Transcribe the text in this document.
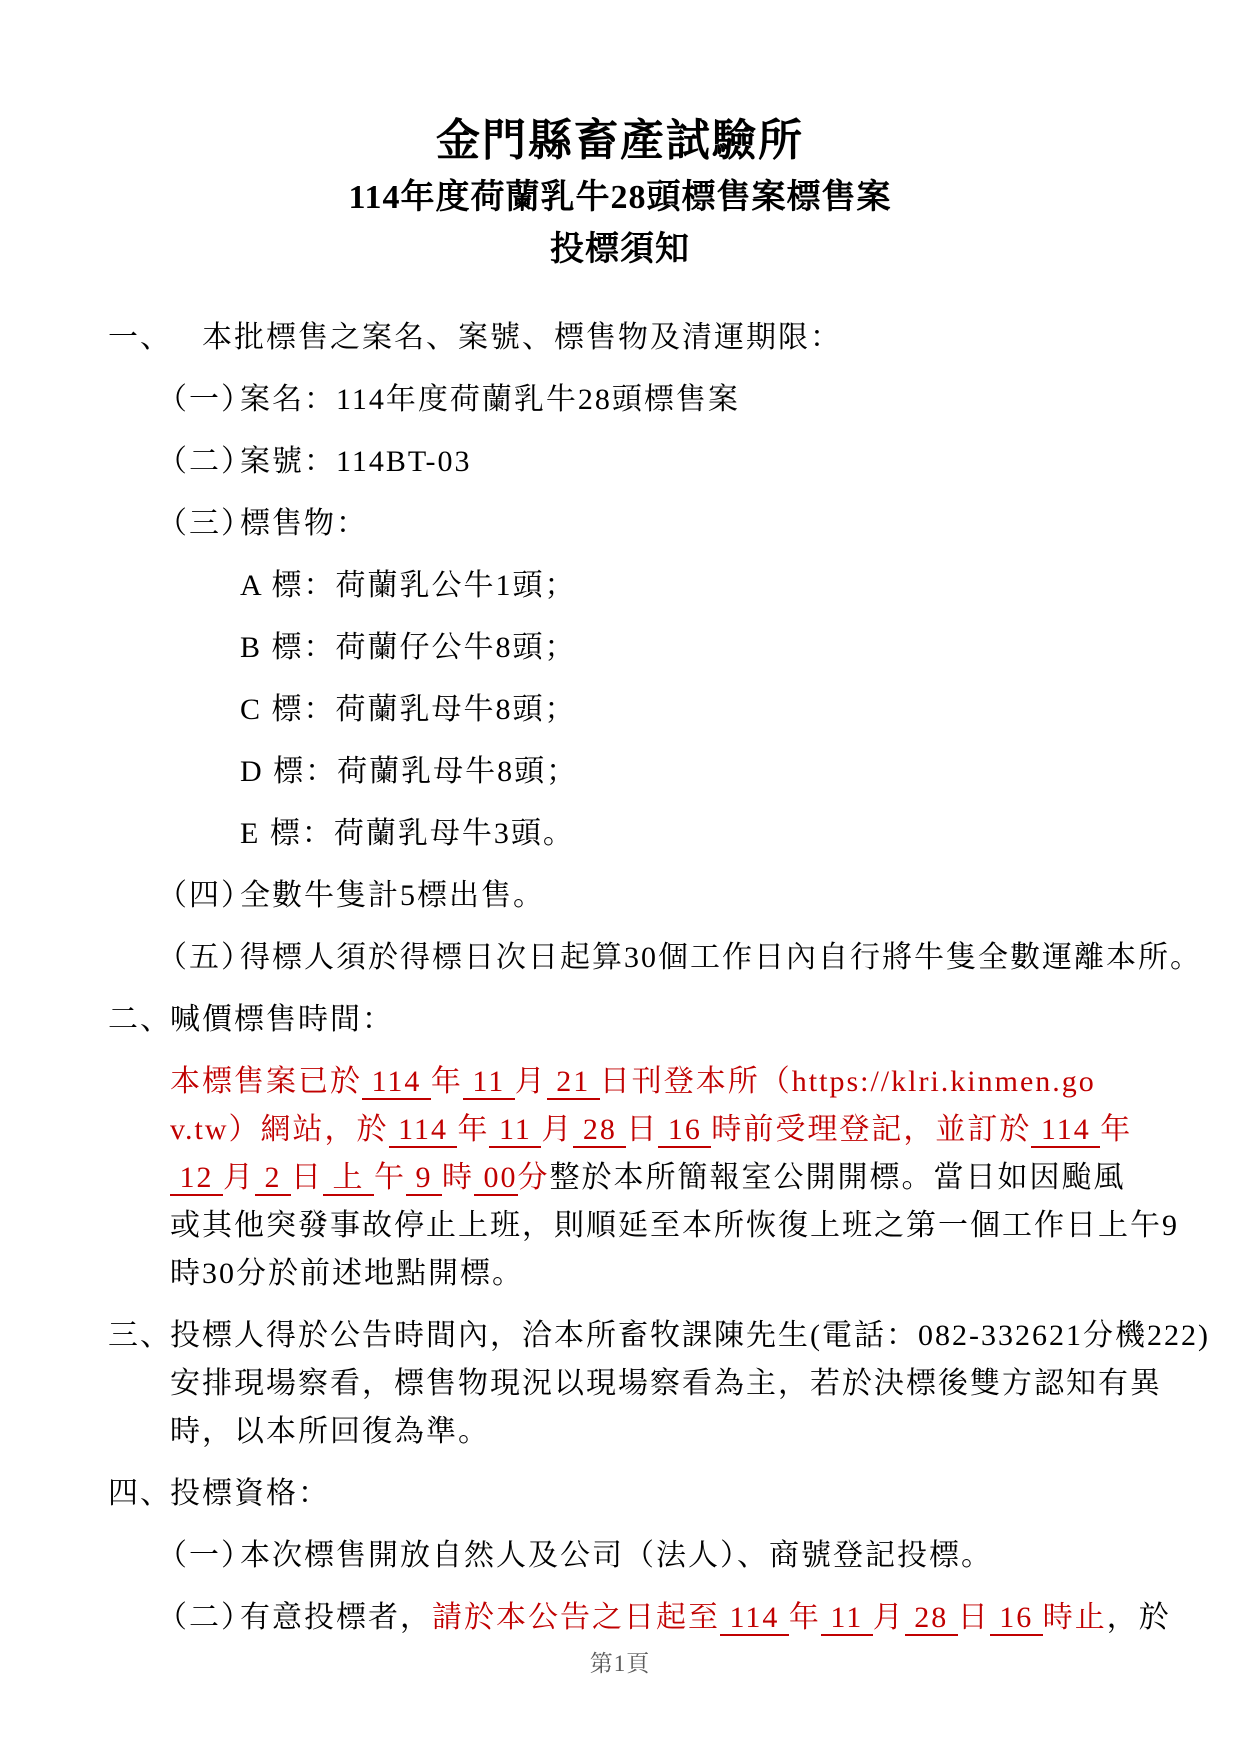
金門縣畜產試驗所
114年度荷蘭乳牛28頭標售案標售案
投標須知
一、
　本批標售之案名、案號、標售物及清運期限：
（一）
案名：114年度荷蘭乳牛28頭標售案
（二）
案號：114BT-03
（三）
標售物：
A 標：荷蘭乳公牛1頭；
B 標：荷蘭仔公牛8頭；
C 標：荷蘭乳母牛8頭；
D 標：荷蘭乳母牛8頭；
E 標：荷蘭乳母牛3頭。
（四）
全數牛隻計5標出售。
（五）
得標人須於得標日次日起算30個工作日內自行將牛隻全數運離本所。
二、
喊價標售時間：
本標售案已於 114 年 11 月 21 日刊登本所（https://klri.kinmen.go
v.tw）網站，於 114 年 11 月 28 日 16 時前受理登記，並訂於 114 年
12 月 2 日 上 午 9 時 00分整於本所簡報室公開開標。當日如因颱風
或其他突發事故停止上班，則順延至本所恢復上班之第一個工作日上午9
時30分於前述地點開標。
三、
投標人得於公告時間內，洽本所畜牧課陳先生(電話：082-332621分機222)
安排現場察看，標售物現況以現場察看為主，若於決標後雙方認知有異
時，以本所回復為準。
四、
投標資格：
（一）
本次標售開放自然人及公司（法人）、商號登記投標。
（二）
有意投標者，請於本公告之日起至 114 年 11 月 28 日 16 時止，於
第1頁
